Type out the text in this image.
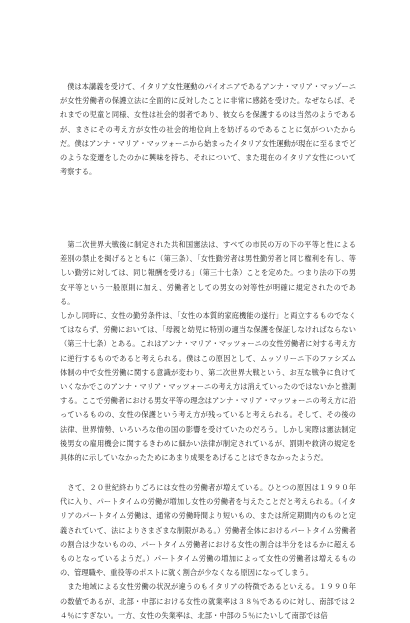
　僕は本講義を受けて、イタリア女性運動のパイオニアであるアンナ・マリア・マッゾーニが女性労働者の保護立法に全面的に反対したことに非常に感銘を受けた。なぜならば、それまでの児童と同様、女性は社会的弱者であり、彼女らを保護するのは当然のようであるが、まさにその考え方が女性の社会的地位向上を妨げるのであることに気がついたからだ。僕はアンナ・マリア・マッツォーニから始まったイタリア女性運動が現在に至るまでどのような変遷をしたのかに興味を持ち、それについて、また現在のイタリア女性について考察する。

　第二次世界大戦後に制定された共和国憲法は、すべての市民の万の下の平等と性による差別の禁止を掲げるとともに（第三条）、「女性勤労者は男性勤労者と同じ権利を有し、等しい勤労に対しては、同じ報酬を受ける」（第三十七条）ことを定めた。つまり法の下の男女平等という一般原則に加え、労働者としての男女の対等性が明確に規定されたのである。
しかし同時に、女性の勤労条件は、「女性の本質的家庭機能の遂行」と両立するものでなくてはならず、労働においては、「母親と幼児に特別の適当な保護を保証しなければならない（第三十七条）とある。これはアンナ・マリア・マッツォーニの女性労働者に対する考え方に逆行するものであると考えられる。僕はこの原因として、ムッソリーニ下のファシズム体制の中で女性労働に関する意識が変わり、第二次世界大戦という、お互な戦争に負けていくなかでこのアンナ・マリア・マッツォーニの考え方は消えていったのではないかと推測する。ここで労働者における男女平等の理念はアンナ・マリア・マッツォーニの考え方に沿っているものの、女性の保護という考え方が残っていると考えられる。そして、その後の法律、世界情勢、いろいろな他の国の影響を受けていたのだろう。しかし実際は憲法制定後男女の雇用機会に関するきわめに細かい法律が制定されているが、罰則や救済の規定を具体的に示していなかったためにあまり成果をあげることはできなかったようだ。

　さて、２０世紀終わりごろには女性の労働者が増えている。ひとつの原因は１９９０年代に入り、パートタイムの労働が増加し女性の労働者を与えたことだと考えられる。（イタリアのパートタイム労働は、通常の労働時間より短いもの、または所定期間内のものと定義されていて、法によりさまざまな制限がある。）労働者全体におけるパートタイム労働者の割合は少ないものの、パートタイム労働者における女性の割合は半分をはるかに超えるものとなっているようだ。）パートタイム労働の増加によって女性の労働者は増えるものの、管理職や、重役等のポストに就く割合が少なくなる原因になってしまう。
　また地域による女性労働の状況が違うのもイタリアの特徴であるといえる。１９９０年の数値であるが、北部・中部における女性の就業率は３８％であるのに対し、南部では２４％にすぎない。一方、女性の失業率は、北部・中部の５％にたいして南部では倍
